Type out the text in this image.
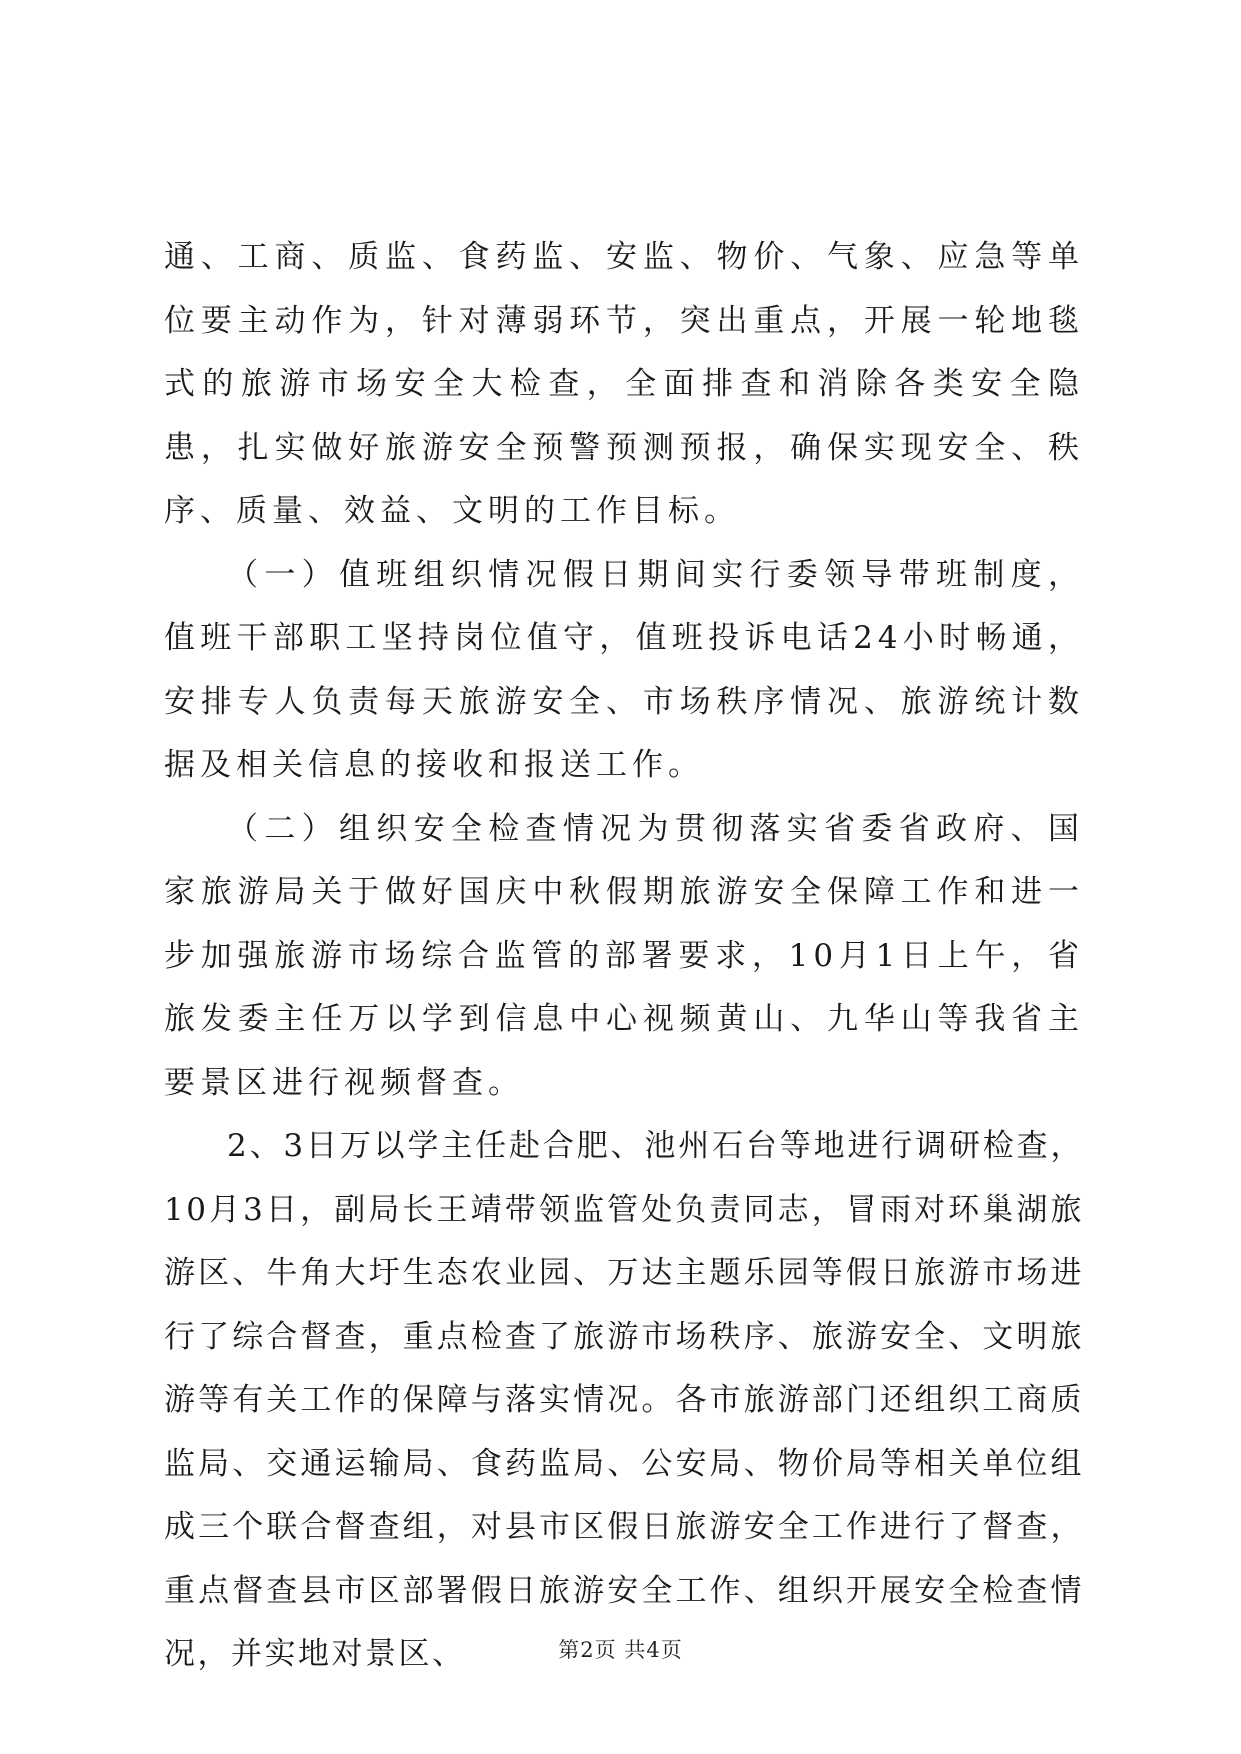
通、工商、质监、食药监、安监、物价、气象、应急等单位要主动作为，针对薄弱环节，突出重点，开展一轮地毯式的旅游市场安全大检查，全面排查和消除各类安全隐患，扎实做好旅游安全预警预测预报，确保实现安全、秩序、质量、效益、文明的工作目标。

（一）值班组织情况假日期间实行委领导带班制度，值班干部职工坚持岗位值守，值班投诉电话24小时畅通，安排专人负责每天旅游安全、市场秩序情况、旅游统计数据及相关信息的接收和报送工作。

（二）组织安全检查情况为贯彻落实省委省政府、国家旅游局关于做好国庆中秋假期旅游安全保障工作和进一步加强旅游市场综合监管的部署要求，10月1日上午，省旅发委主任万以学到信息中心视频黄山、九华山等我省主要景区进行视频督查。

2、3日万以学主任赴合肥、池州石台等地进行调研检查，10月3日，副局长王靖带领监管处负责同志，冒雨对环巢湖旅游区、牛角大圩生态农业园、万达主题乐园等假日旅游市场进行了综合督查，重点检查了旅游市场秩序、旅游安全、文明旅游等有关工作的保障与落实情况。各市旅游部门还组织工商质监局、交通运输局、食药监局、公安局、物价局等相关单位组成三个联合督查组，对县市区假日旅游安全工作进行了督查，重点督查县市区部署假日旅游安全工作、组织开展安全检查情况，并实地对景区、	第2页 共4页
